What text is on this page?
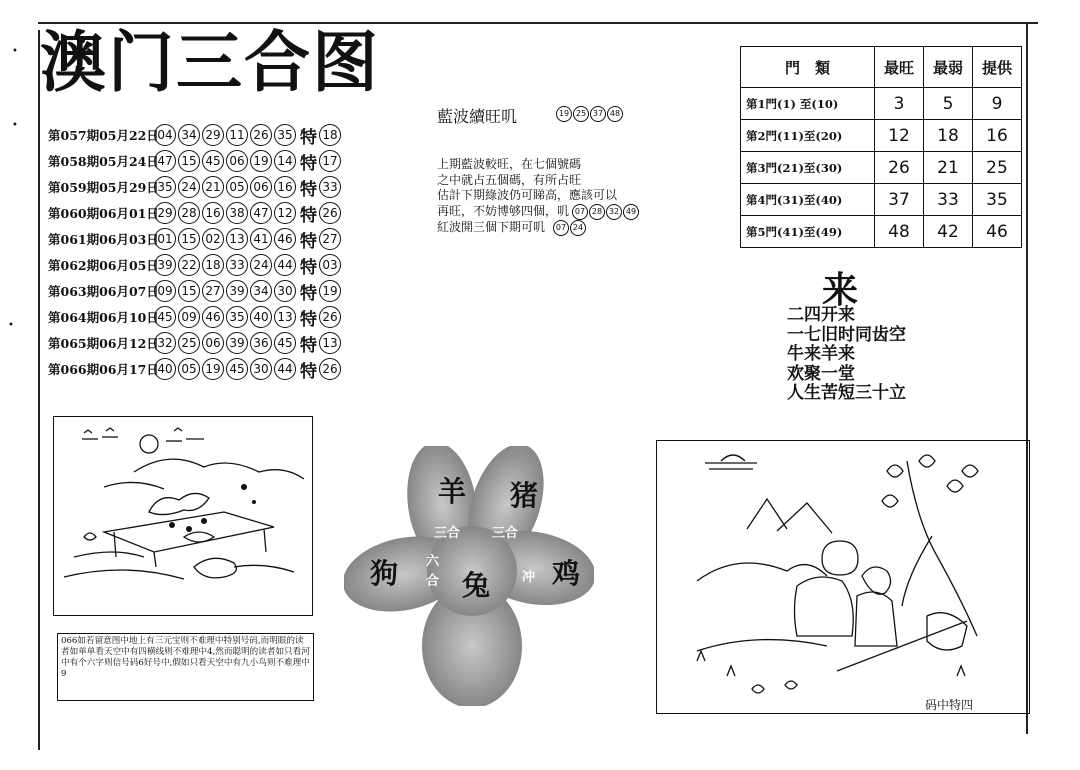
澳门三合图
第057期05月22日
04 34 29 11 26 35 特 18
第058期05月24日
47 15 45 06 19 14 特 17
第059期05月29日
35 24 21 05 06 16 特 33
第060期06月01日
29 28 16 38 47 12 特 26
第061期06月03日
01 15 02 13 41 46 特 27
第062期06月05日
39 22 18 33 24 44 特 03
第063期06月07日
09 15 27 39 34 30 特 19
第064期06月10日
45 09 46 35 40 13 特 26
第065期06月12日
32 25 06 39 36 45 特 13
第066期06月17日
40 05 19 45 30 44 特 26
藍波續旺叽	19 25 37 48
上期藍波較旺，在七個號碼
之中就占五個碼，有所占旺
估計下期綠波仍可睇高，應該可以
再旺，不妨博够四個，叽 07 28 32 49
紅波開三個下期可叽	07 24
門　類	最旺	最弱	提供
第1門(1) 至(10)	3	5	9
第2門(11)至(20)	12	18	16
第3門(21)至(30)	26	21	25
第4門(31)至(40)	37	33	35
第5門(41)至(49)	48	42	46
来
二四开来
一七旧时同齿空
牛来羊来
欢聚一堂
人生苦短三十立
066如若留意图中地上有三元宝则不难理中特别号码,而明眼的读者如单单看天空中有四横线则不难理中4,然而聪明的读者如只看河中有个六字则信号码6好号中,假如只看天空中有九小鸟则不难理中9
羊 猪
三合 三合
狗 六
合 兔 冲 鸡
码中特四
•
•
•
